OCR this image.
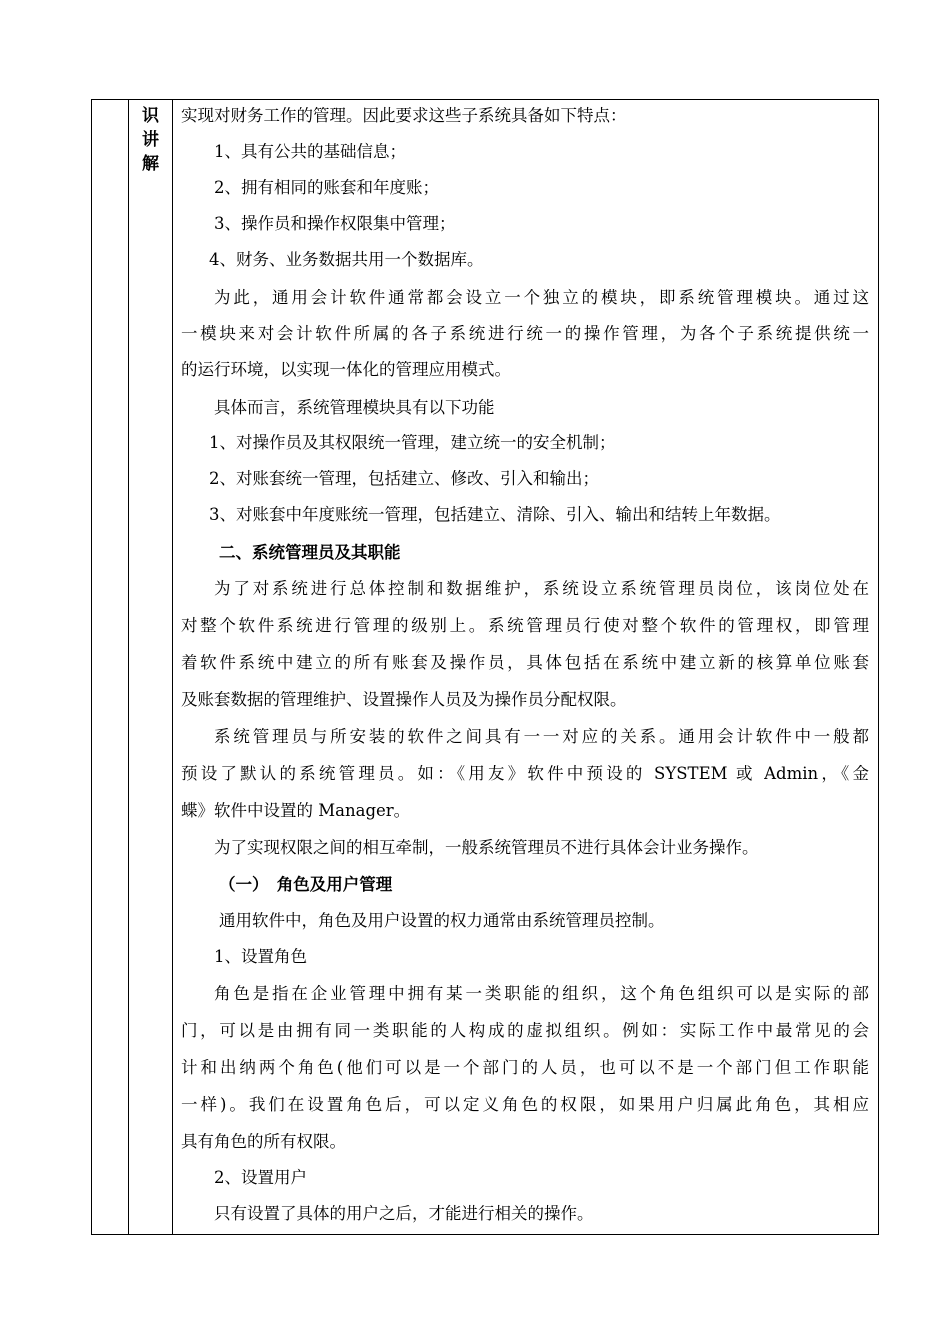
识
讲
解
实现对财务工作的管理。因此要求这些子系统具备如下特点：
1、具有公共的基础信息；
2、拥有相同的账套和年度账；
3、操作员和操作权限集中管理；
4、财务、业务数据共用一个数据库。
为此，通用会计软件通常都会设立一个独立的模块，即系统管理模块。通过这
一模块来对会计软件所属的各子系统进行统一的操作管理，为各个子系统提供统一
的运行环境，以实现一体化的管理应用模式。
具体而言，系统管理模块具有以下功能
1、对操作员及其权限统一管理，建立统一的安全机制；
2、对账套统一管理，包括建立、修改、引入和输出；
3、对账套中年度账统一管理，包括建立、清除、引入、输出和结转上年数据。
二、系统管理员及其职能
为了对系统进行总体控制和数据维护，系统设立系统管理员岗位，该岗位处在
对整个软件系统进行管理的级别上。系统管理员行使对整个软件的管理权，即管理
着软件系统中建立的所有账套及操作员，具体包括在系统中建立新的核算单位账套
及账套数据的管理维护、设置操作人员及为操作员分配权限。
系统管理员与所安装的软件之间具有一一对应的关系。通用会计软件中一般都
预设了默认的系统管理员。如：《用友》软件中预设的 SYSTEM 或 Admin，《金
蝶》软件中设置的 Manager。
为了实现权限之间的相互牵制，一般系统管理员不进行具体会计业务操作。
（一）　角色及用户管理
通用软件中，角色及用户设置的权力通常由系统管理员控制。
1、设置角色
角色是指在企业管理中拥有某一类职能的组织，这个角色组织可以是实际的部
门，可以是由拥有同一类职能的人构成的虚拟组织。例如：实际工作中最常见的会
计和出纳两个角色(他们可以是一个部门的人员，也可以不是一个部门但工作职能
一样)。我们在设置角色后，可以定义角色的权限，如果用户归属此角色，其相应
具有角色的所有权限。
2、设置用户
只有设置了具体的用户之后，才能进行相关的操作。
